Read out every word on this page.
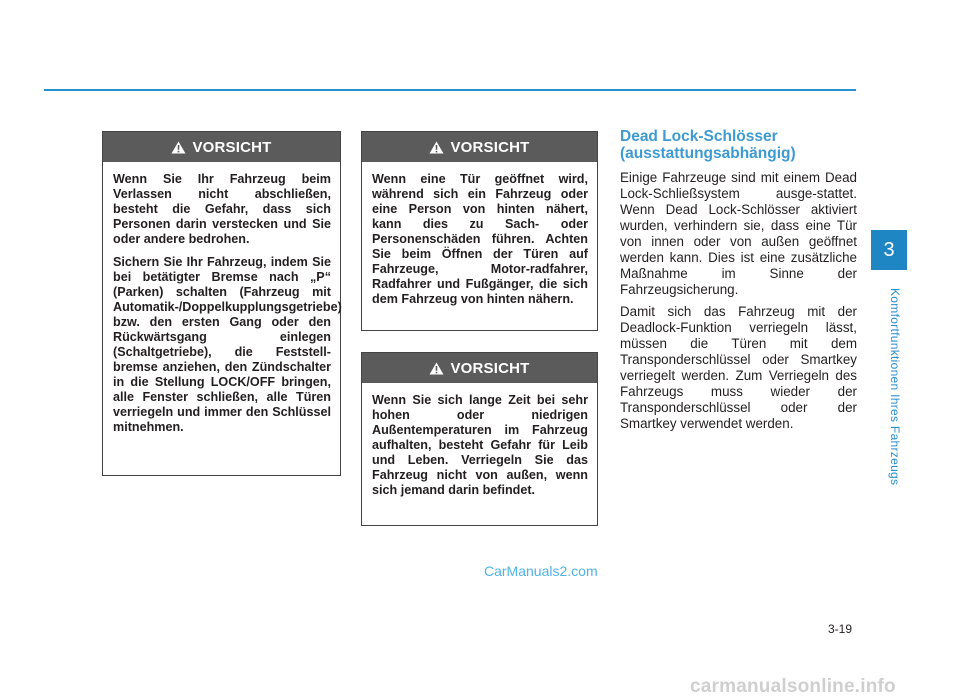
VORSICHT

Wenn Sie Ihr Fahrzeug beim Verlassen nicht abschließen, besteht die Gefahr, dass sich Personen darin verstecken und Sie oder andere bedrohen.

Sichern Sie Ihr Fahrzeug, indem Sie bei betätigter Bremse nach „P“ (Parken) schalten (Fahrzeug mit Automatik-/Doppelkupplungsgetriebe) bzw. den ersten Gang oder den Rückwärtsgang einlegen (Schaltgetriebe), die Feststell-bremse anziehen, den Zündschalter in die Stellung LOCK/OFF bringen, alle Fenster schließen, alle Türen verriegeln und immer den Schlüssel mitnehmen.

VORSICHT

Wenn eine Tür geöffnet wird, während sich ein Fahrzeug oder eine Person von hinten nähert, kann dies zu Sach- oder Personenschäden führen. Achten Sie beim Öffnen der Türen auf Fahrzeuge, Motor-radfahrer, Radfahrer und Fußgänger, die sich dem Fahrzeug von hinten nähern.

VORSICHT

Wenn Sie sich lange Zeit bei sehr hohen oder niedrigen Außentemperaturen im Fahrzeug aufhalten, besteht Gefahr für Leib und Leben. Verriegeln Sie das Fahrzeug nicht von außen, wenn sich jemand darin befindet.

Dead Lock-Schlösser (ausstattungsabhängig)

Einige Fahrzeuge sind mit einem Dead Lock-Schließsystem ausge-stattet. Wenn Dead Lock-Schlösser aktiviert wurden, verhindern sie, dass eine Tür von innen oder von außen geöffnet werden kann. Dies ist eine zusätzliche Maßnahme im Sinne der Fahrzeugsicherung.

Damit sich das Fahrzeug mit der Deadlock-Funktion verriegeln lässt, müssen die Türen mit dem Transponderschlüssel oder Smartkey verriegelt werden. Zum Verriegeln des Fahrzeugs muss wieder der Transponderschlüssel oder der Smartkey verwendet werden.

3
Komfortfunktionen Ihres Fahrzeugs
CarManuals2.com
3-19
carmanualsonline.info
